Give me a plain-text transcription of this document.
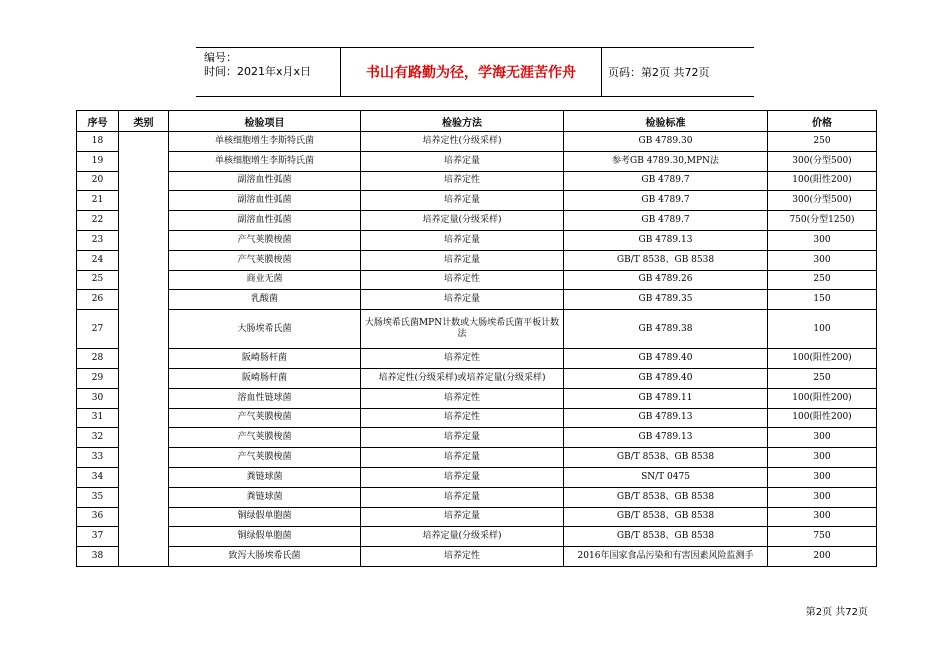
编号：
时间：2021年x月x日	书山有路勤为径，学海无涯苦作舟	页码：第2页 共72页
序号	类别	检验项目	检验方法	检验标准	价格
18		单核细胞增生李斯特氏菌	培养定性(分级采样)	GB 4789.30	250
19		单核细胞增生李斯特氏菌	培养定量	参考GB 4789.30,MPN法	300(分型500)
20		副溶血性弧菌	培养定性	GB 4789.7	100(阳性200)
21		副溶血性弧菌	培养定量	GB 4789.7	300(分型500)
22		副溶血性弧菌	培养定量(分级采样)	GB 4789.7	750(分型1250)
23		产气荚膜梭菌	培养定量	GB 4789.13	300
24		产气荚膜梭菌	培养定量	GB/T 8538、GB 8538	300
25		商业无菌	培养定性	GB 4789.26	250
26		乳酸菌	培养定量	GB 4789.35	150
27		大肠埃希氏菌	大肠埃希氏菌MPN计数或大肠埃希氏菌平板计数法	GB 4789.38	100
28		阪崎肠杆菌	培养定性	GB 4789.40	100(阳性200)
29		阪崎肠杆菌	培养定性(分级采样)或培养定量(分级采样)	GB 4789.40	250
30		溶血性链球菌	培养定性	GB 4789.11	100(阳性200)
31		产气荚膜梭菌	培养定性	GB 4789.13	100(阳性200)
32		产气荚膜梭菌	培养定量	GB 4789.13	300
33		产气荚膜梭菌	培养定量	GB/T 8538、GB 8538	300
34		粪链球菌	培养定量	SN/T 0475	300
35		粪链球菌	培养定量	GB/T 8538、GB 8538	300
36		铜绿假单胞菌	培养定量	GB/T 8538、GB 8538	300
37		铜绿假单胞菌	培养定量(分级采样)	GB/T 8538、GB 8538	750
38		致泻大肠埃希氏菌	培养定性	2016年国家食品污染和有害因素风险监测手	200
第2页 共72页
